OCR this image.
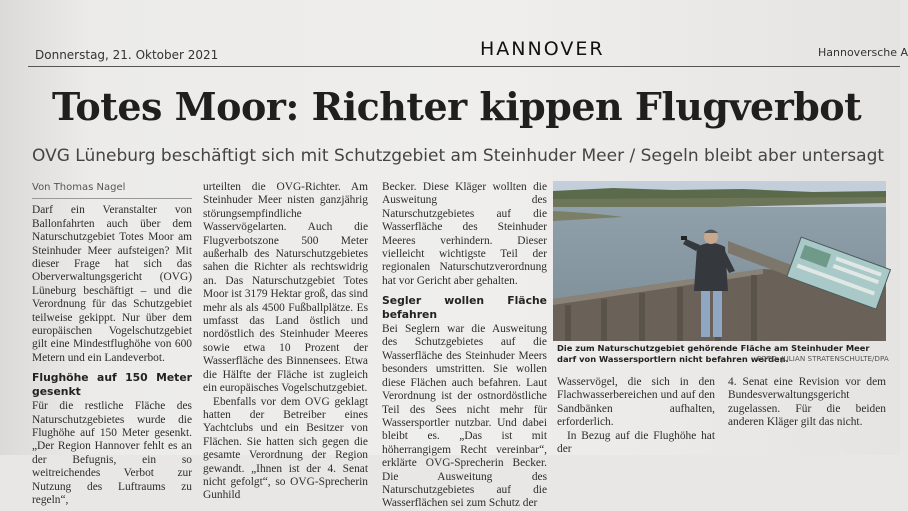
Donnerstag, 21. Oktober 2021	HANNOVER	Hannoversche A
Totes Moor: Richter kippen Flugverbot
OVG Lüneburg beschäftigt sich mit Schutzgebiet am Steinhuder Meer / Segeln bleibt aber untersagt
Von Thomas Nagel

Darf ein Veranstalter von Ballonfahrten auch über dem Naturschutzgebiet Totes Moor am Steinhuder Meer aufsteigen? Mit dieser Frage hat sich das Oberverwaltungsgericht (OVG) Lüneburg beschäftigt – und die Verordnung für das Schutzgebiet teilweise gekippt. Nur über dem europäischen Vogelschutzgebiet gilt eine Mindestflughöhe von 600 Metern und ein Landeverbot.

Flughöhe auf 150 Meter gesenkt

Für die restliche Fläche des Naturschutzgebietes wurde die Flughöhe auf 150 Meter gesenkt. „Der Region Hannover fehlt es an der Befugnis, ein so weitreichendes Verbot zur Nutzung des Luftraums zu regeln“,

urteilten die OVG-Richter. Am Steinhuder Meer nisten ganzjährig störungsempfindliche Wasservögelarten. Auch die Flugverbotszone 500 Meter außerhalb des Naturschutzgebietes sahen die Richter als rechtswidrig an. Das Naturschutzgebiet Totes Moor ist 3179 Hektar groß, das sind mehr als als 4500 Fußballplätze. Es umfasst das Land östlich und nordöstlich des Steinhuder Meeres sowie etwa 10 Prozent der Wasserfläche des Binnensees. Etwa die Hälfte der Fläche ist zugleich ein europäisches Vogelschutzgebiet.

Ebenfalls vor dem OVG geklagt hatten der Betreiber eines Yachtclubs und ein Besitzer von Flächen. Sie hatten sich gegen die gesamte Verordnung der Region gewandt. „Ihnen ist der 4. Senat nicht gefolgt“, so OVG-Sprecherin Gunhild

Becker. Diese Kläger wollten die Ausweitung des Naturschutzgebietes auf die Wasserfläche des Steinhuder Meeres verhindern. Dieser vielleicht wichtigste Teil der regionalen Naturschutzverordnung hat vor Gericht aber gehalten.

Segler wollen Fläche befahren

Bei Seglern war die Ausweitung des Schutzgebietes auf die Wasserfläche des Steinhuder Meers besonders umstritten. Sie wollen diese Flächen auch befahren. Laut Verordnung ist der ostnordöstliche Teil des Sees nicht mehr für Wassersportler nutzbar. Und dabei bleibt es. „Das ist mit höherrangigem Recht vereinbar“, erklärte OVG-Sprecherin Becker. Die Ausweitung des Naturschutzgebietes auf die Wasserflächen sei zum Schutz der

Die zum Naturschutzgebiet gehörende Fläche am Steinhuder Meer darf von Wassersportlern nicht befahren werden.
FOTO: JULIAN STRATENSCHULTE/DPA

Wasservögel, die sich in den Flachwasserbereichen und auf den Sandbänken aufhalten, erforderlich.

In Bezug auf die Flughöhe hat der

4. Senat eine Revision vor dem Bundesverwaltungsgericht zugelassen. Für die beiden anderen Kläger gilt das nicht.
